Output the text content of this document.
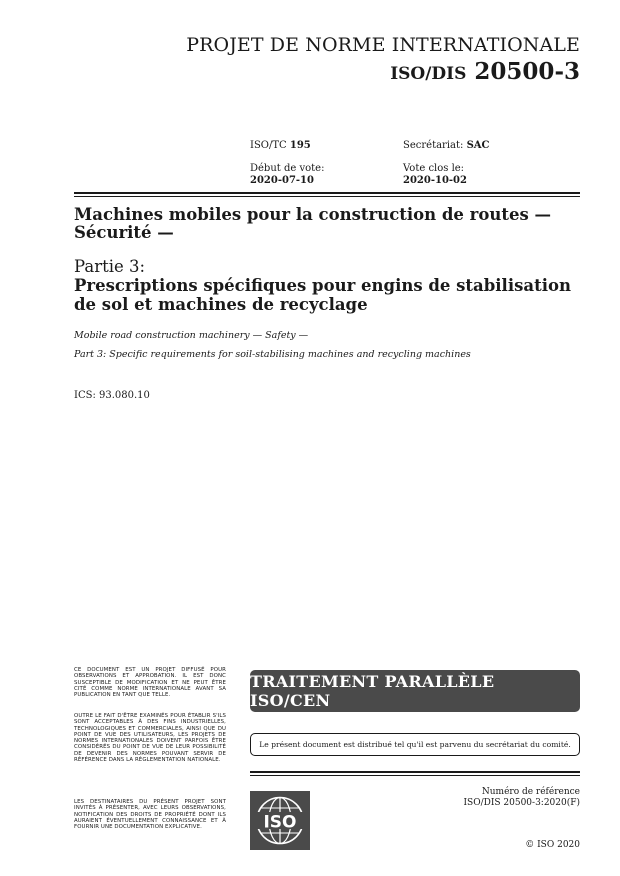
PROJET DE NORME INTERNATIONALE
ISO/DIS 20500-3
ISO/TC 195	Secrétariat: SAC
Début de vote:
2020-07-10
Vote clos le:
2020-10-02
Machines mobiles pour la construction de routes — Sécurité —
Partie 3:
Prescriptions spécifiques pour engins de stabilisation de sol et machines de recyclage
Mobile road construction machinery — Safety —
Part 3: Specific requirements for soil-stabilising machines and recycling machines
ICS: 93.080.10
CE DOCUMENT EST UN PROJET DIFFUSÉ POUR OBSERVATIONS ET APPROBATION. IL EST DONC SUSCEPTIBLE DE MODIFICATION ET NE PEUT ÊTRE CITÉ COMME NORME INTERNATIONALE AVANT SA PUBLICATION EN TANT QUE TELLE.
OUTRE LE FAIT D'ÊTRE EXAMINÉS POUR ÉTABLIR S'ILS SONT ACCEPTABLES À DES FINS INDUSTRIELLES, TECHNOLOGIQUES ET COMMERCIALES, AINSI QUE DU POINT DE VUE DES UTILISATEURS, LES PROJETS DE NORMES INTERNATIONALES DOIVENT PARFOIS ÊTRE CONSIDÉRÉS DU POINT DE VUE DE LEUR POSSIBILITÉ DE DEVENIR DES NORMES POUVANT SERVIR DE RÉFÉRENCE DANS LA RÉGLEMENTATION NATIONALE.
LES DESTINATAIRES DU PRÉSENT PROJET SONT INVITÉS À PRÉSENTER, AVEC LEURS OBSERVATIONS, NOTIFICATION DES DROITS DE PROPRIÉTÉ DONT ILS AURAIENT ÉVENTUELLEMENT CONNAISSANCE ET À FOURNIR UNE DOCUMENTATION EXPLICATIVE.
TRAITEMENT PARALLÈLE ISO/CEN
Le présent document est distribué tel qu'il est parvenu du secrétariat du comité.
ISO
Numéro de référence
ISO/DIS 20500-3:2020(F)
© ISO 2020
